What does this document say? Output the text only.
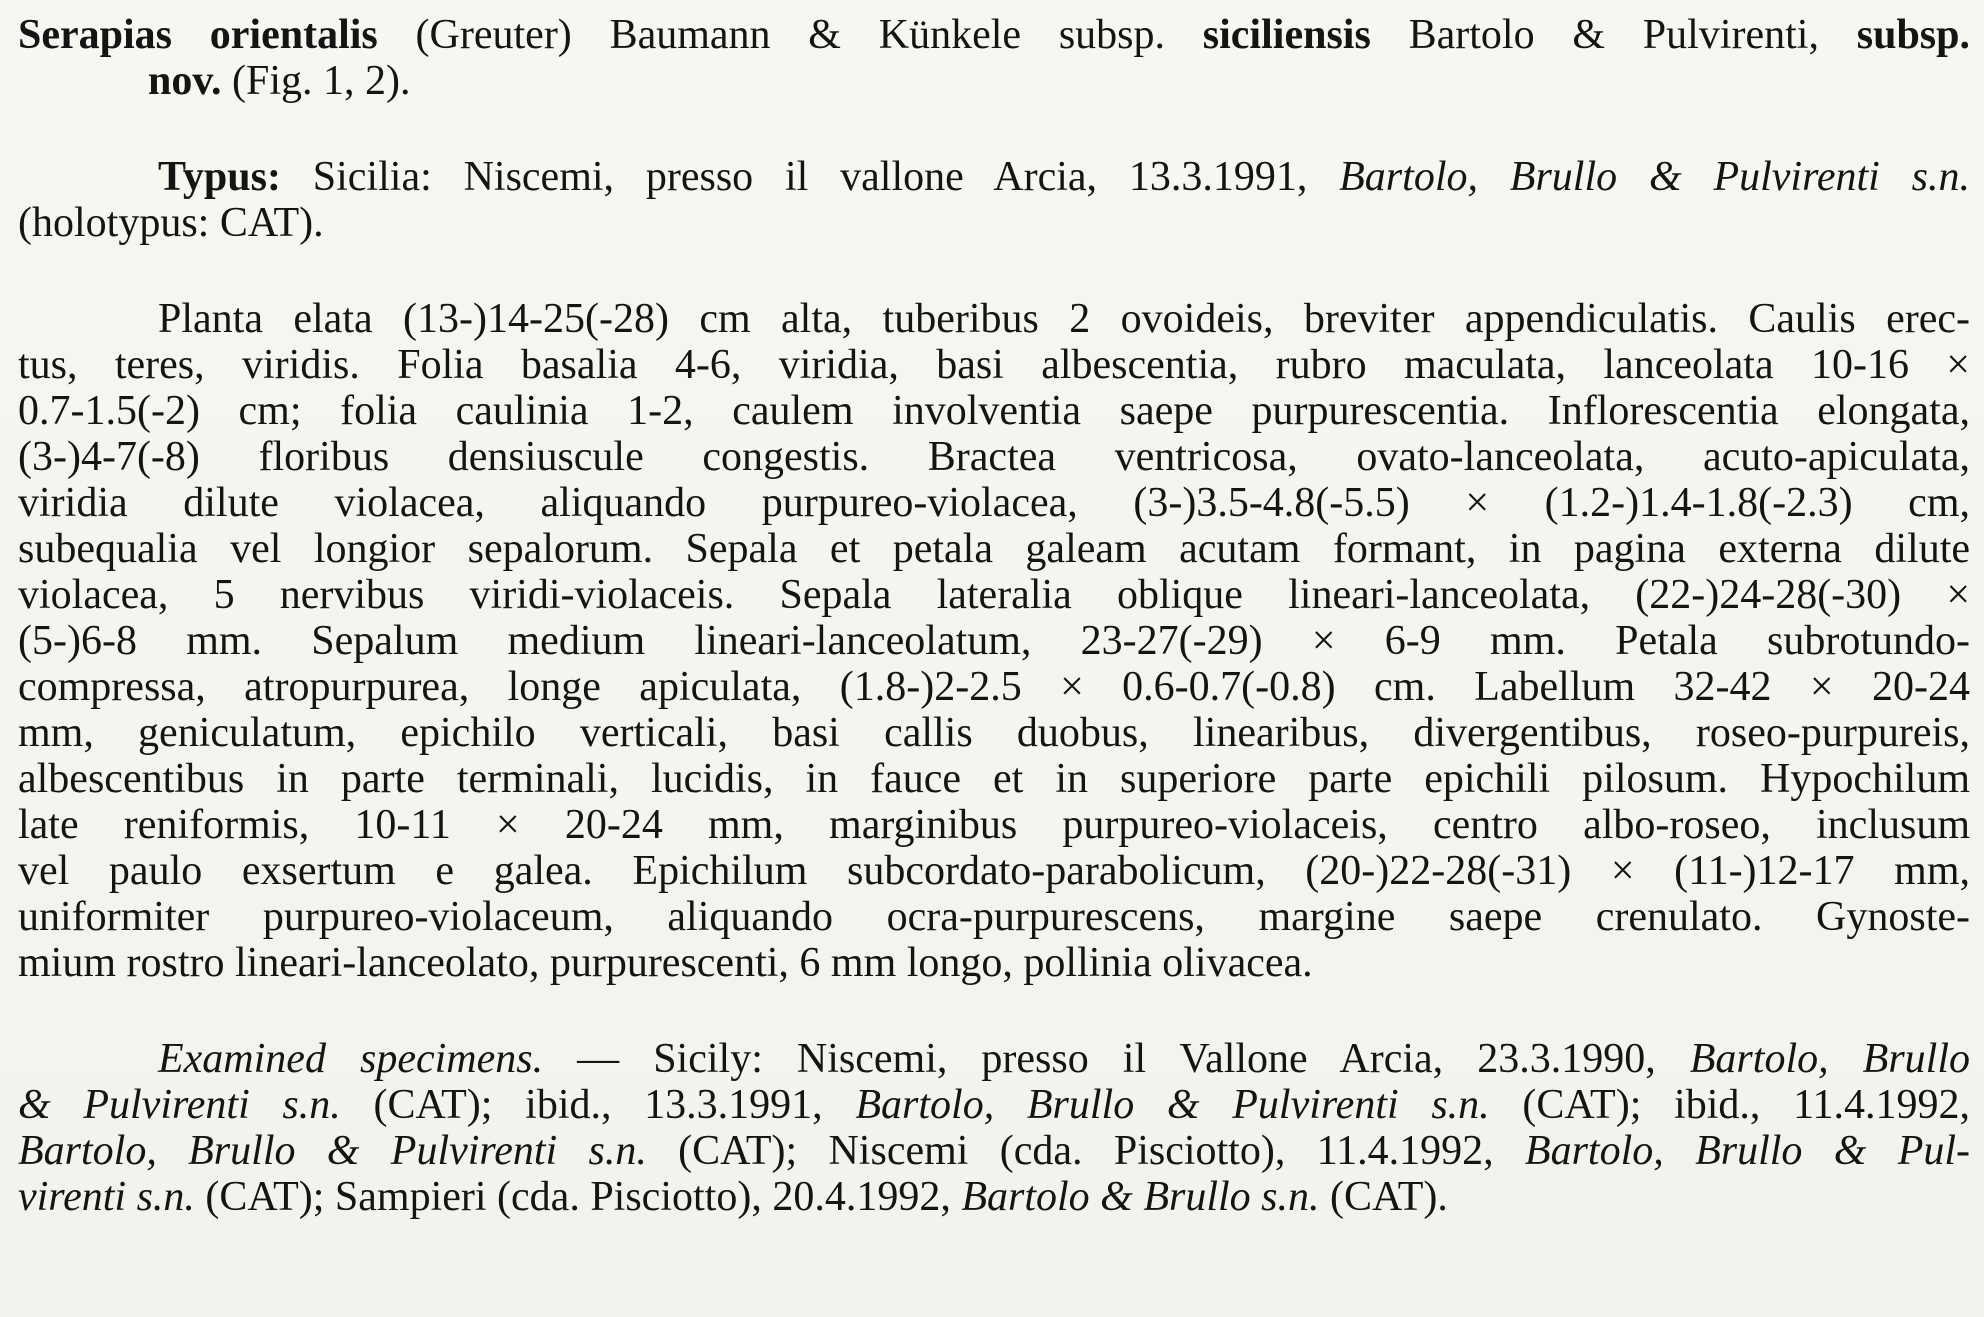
Serapias orientalis (Greuter) Baumann & Künkele subsp. siciliensis Bartolo & Pulvirenti, subsp.
nov. (Fig. 1, 2).
Typus: Sicilia: Niscemi, presso il vallone Arcia, 13.3.1991, Bartolo, Brullo & Pulvirenti s.n.
(holotypus: CAT).
Planta elata (13-)14-25(-28) cm alta, tuberibus 2 ovoideis, breviter appendiculatis. Caulis erec-
tus, teres, viridis. Folia basalia 4-6, viridia, basi albescentia, rubro maculata, lanceolata 10-16 ×
0.7-1.5(-2) cm; folia caulinia 1-2, caulem involventia saepe purpurescentia. Inflorescentia elongata,
(3-)4-7(-8) floribus densiuscule congestis. Bractea ventricosa, ovato-lanceolata, acuto-apiculata,
viridia dilute violacea, aliquando purpureo-violacea, (3-)3.5-4.8(-5.5) × (1.2-)1.4-1.8(-2.3) cm,
subequalia vel longior sepalorum. Sepala et petala galeam acutam formant, in pagina externa dilute
violacea, 5 nervibus viridi-violaceis. Sepala lateralia oblique lineari-lanceolata, (22-)24-28(-30) ×
(5-)6-8 mm. Sepalum medium lineari-lanceolatum, 23-27(-29) × 6-9 mm. Petala subrotundo-
compressa, atropurpurea, longe apiculata, (1.8-)2-2.5 × 0.6-0.7(-0.8) cm. Labellum 32-42 × 20-24
mm, geniculatum, epichilo verticali, basi callis duobus, linearibus, divergentibus, roseo-purpureis,
albescentibus in parte terminali, lucidis, in fauce et in superiore parte epichili pilosum. Hypochilum
late reniformis, 10-11 × 20-24 mm, marginibus purpureo-violaceis, centro albo-roseo, inclusum
vel paulo exsertum e galea. Epichilum subcordato-parabolicum, (20-)22-28(-31) × (11-)12-17 mm,
uniformiter purpureo-violaceum, aliquando ocra-purpurescens, margine saepe crenulato. Gynoste-
mium rostro lineari-lanceolato, purpurescenti, 6 mm longo, pollinia olivacea.
Examined specimens. — Sicily: Niscemi, presso il Vallone Arcia, 23.3.1990, Bartolo, Brullo
& Pulvirenti s.n. (CAT); ibid., 13.3.1991, Bartolo, Brullo & Pulvirenti s.n. (CAT); ibid., 11.4.1992,
Bartolo, Brullo & Pulvirenti s.n. (CAT); Niscemi (cda. Pisciotto), 11.4.1992, Bartolo, Brullo & Pul-
virenti s.n. (CAT); Sampieri (cda. Pisciotto), 20.4.1992, Bartolo & Brullo s.n. (CAT).
